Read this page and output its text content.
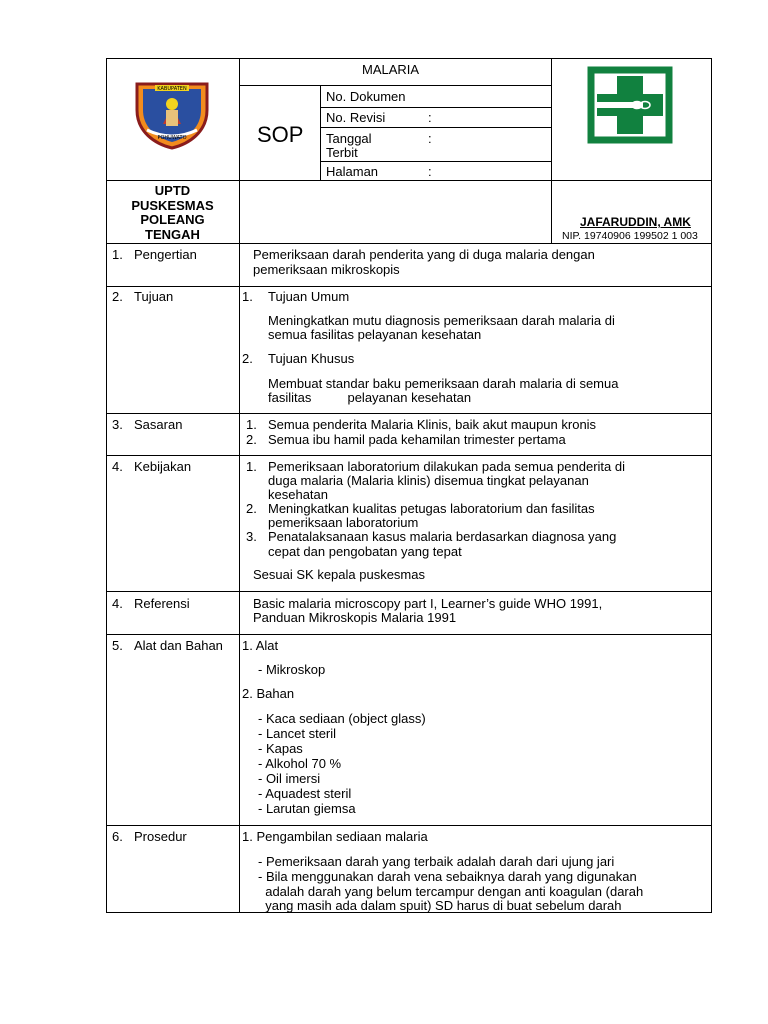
KABUPATEN
POHUWATO
MALARIA
SOP
No. Dokumen
No. Revisi	:
Tanggal	:
Terbit
Halaman	:
UPTD
PUSKESMAS
POLEANG
TENGAH
JAFARUDDIN, AMK
NIP. 19740906 199502 1 003
1. Pengertian	Pemeriksaan darah penderita yang di duga malaria dengan
pemeriksaan mikroskopis
2. Tujuan	1. Tujuan Umum
Meningkatkan mutu diagnosis pemeriksaan darah malaria di
semua fasilitas pelayanan kesehatan
2. Tujuan Khusus
Membuat standar baku pemeriksaan darah malaria di semua
fasilitas          pelayanan kesehatan
3. Sasaran	1. Semua penderita Malaria Klinis, baik akut maupun kronis
2. Semua ibu hamil pada kehamilan trimester pertama
4. Kebijakan	1. Pemeriksaan laboratorium dilakukan pada semua penderita di
duga malaria (Malaria klinis) disemua tingkat pelayanan
kesehatan
2. Meningkatkan kualitas petugas laboratorium dan fasilitas
pemeriksaan laboratorium
3. Penatalaksanaan kasus malaria berdasarkan diagnosa yang
cepat dan pengobatan yang tepat
Sesuai SK kepala puskesmas
4. Referensi	Basic malaria microscopy part I, Learner’s guide WHO 1991,
Panduan Mikroskopis Malaria 1991
5. Alat dan Bahan 1. Alat
- Mikroskop
2. Bahan
- Kaca sediaan (object glass)
- Lancet steril
- Kapas
- Alkohol 70 %
- Oil imersi
- Aquadest steril
- Larutan giemsa
6. Prosedur	1. Pengambilan sediaan malaria
- Pemeriksaan darah yang terbaik adalah darah dari ujung jari
- Bila menggunakan darah vena sebaiknya darah yang digunakan
adalah darah yang belum tercampur dengan anti koagulan (darah
yang masih ada dalam spuit) SD harus di buat sebelum darah
